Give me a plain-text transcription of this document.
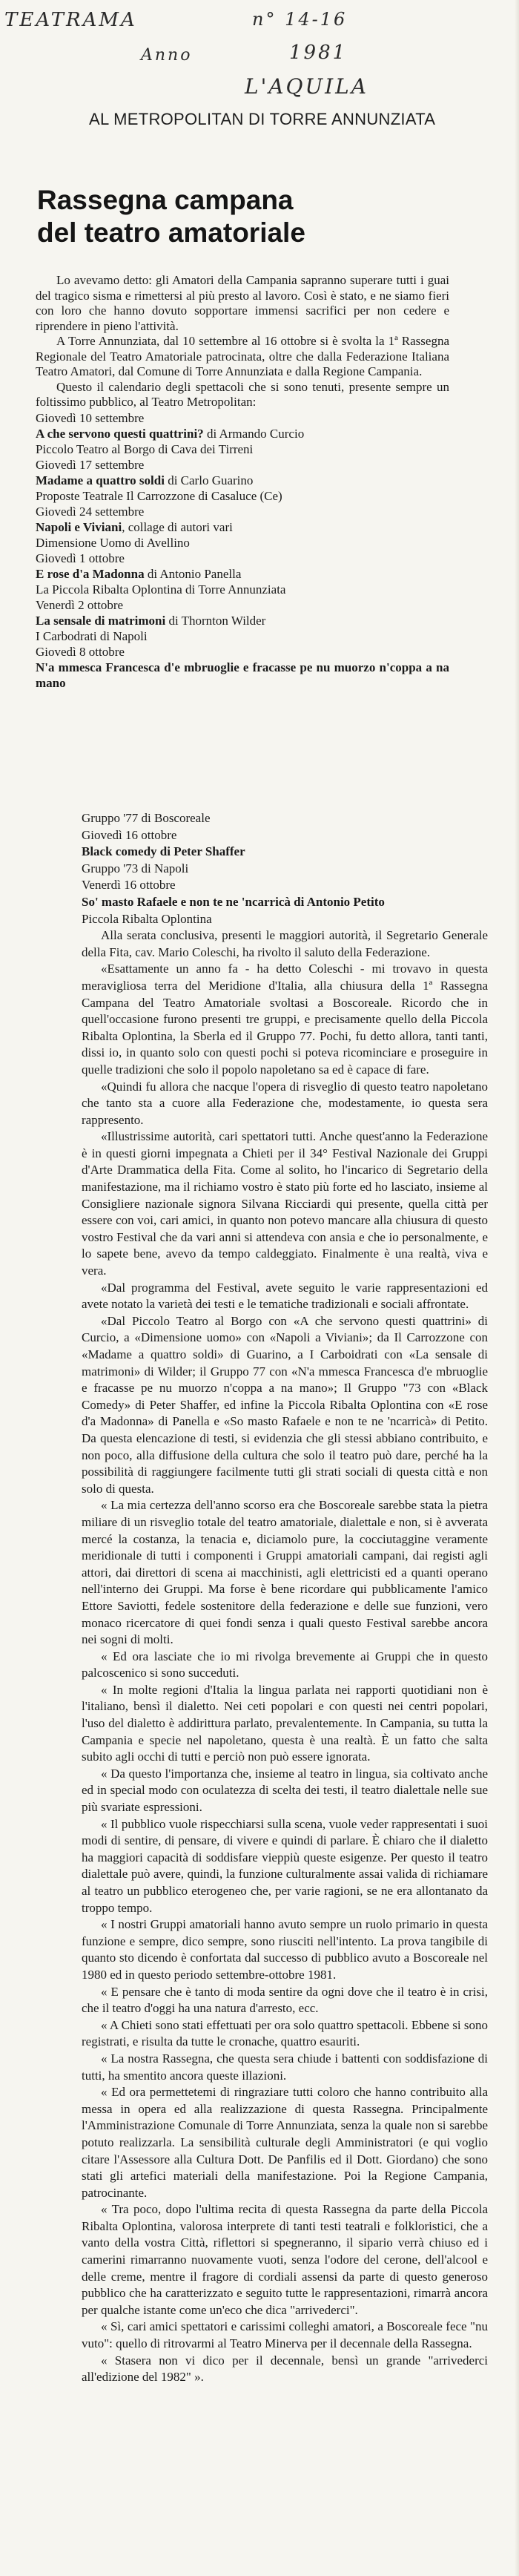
TEATRAMA	n° 14-16
Anno	1981
L'AQUILA
AL METROPOLITAN DI TORRE ANNUNZIATA
Rassegna campana
del teatro amatoriale

Lo avevamo detto: gli Amatori della Campania sapranno superare tutti i guai del tragico sisma e rimettersi al più presto al lavoro. Così è stato, e ne siamo fieri con loro che hanno dovuto sopportare immensi sacrifici per non cedere e riprendere in pieno l'attività.

A Torre Annunziata, dal 10 settembre al 16 ottobre si è svolta la 1ª Rassegna Regionale del Teatro Amatoriale patrocinata, oltre che dalla Federazione Italiana Teatro Amatori, dal Comune di Torre Annunziata e dalla Regione Campania.

Questo il calendario degli spettacoli che si sono tenuti, presente sempre un foltissimo pubblico, al Teatro Metropolitan:

Giovedì 10 settembre
A che servono questi quattrini? di Armando Curcio
Piccolo Teatro al Borgo di Cava dei Tirreni
Giovedì 17 settembre
Madame a quattro soldi di Carlo Guarino
Proposte Teatrale Il Carrozzone di Casaluce (Ce)
Giovedì 24 settembre
Napoli e Viviani, collage di autori vari
Dimensione Uomo di Avellino
Giovedì 1 ottobre
E rose d'a Madonna di Antonio Panella
La Piccola Ribalta Oplontina di Torre Annunziata
Venerdì 2 ottobre
La sensale di matrimoni di Thornton Wilder
I Carbodrati di Napoli
Giovedì 8 ottobre
N'a mmesca Francesca d'e mbruoglie e fracasse pe nu muorzo n'coppa a na mano
Gruppo '77 di Boscoreale
Giovedì 16 ottobre
Black comedy di Peter Shaffer
Gruppo '73 di Napoli
Venerdì 16 ottobre
So' masto Rafaele e non te ne 'ncarricà di Antonio Petito
Piccola Ribalta Oplontina

Alla serata conclusiva, presenti le maggiori autorità, il Segretario Generale della Fita, cav. Mario Coleschi, ha rivolto il saluto della Federazione.

«Esattamente un anno fa - ha detto Coleschi - mi trovavo in questa meravigliosa terra del Meridione d'Italia, alla chiusura della 1ª Rassegna Campana del Teatro Amatoriale svoltasi a Boscoreale. Ricordo che in quell'occasione furono presenti tre gruppi, e precisamente quello della Piccola Ribalta Oplontina, la Sberla ed il Gruppo 77. Pochi, fu detto allora, tanti tanti, dissi io, in quanto solo con questi pochi si poteva ricominciare e proseguire in quelle tradizioni che solo il popolo napoletano sa ed è capace di fare.

«Quindi fu allora che nacque l'opera di risveglio di questo teatro napoletano che tanto sta a cuore alla Federazione che, modestamente, io questa sera rappresento.

«Illustrissime autorità, cari spettatori tutti. Anche quest'anno la Federazione è in questi giorni impegnata a Chieti per il 34° Festival Nazionale dei Gruppi d'Arte Drammatica della Fita. Come al solito, ho l'incarico di Segretario della manifestazione, ma il richiamo vostro è stato più forte ed ho lasciato, insieme al Consigliere nazionale signora Silvana Ricciardi qui presente, quella città per essere con voi, cari amici, in quanto non potevo mancare alla chiusura di questo vostro Festival che da vari anni si attendeva con ansia e che io personalmente, e lo sapete bene, avevo da tempo caldeggiato. Finalmente è una realtà, viva e vera.

«Dal programma del Festival, avete seguito le varie rappresentazioni ed avete notato la varietà dei testi e le tematiche tradizionali e sociali affrontate.

«Dal Piccolo Teatro al Borgo con «A che servono questi quattrini» di Curcio, a «Dimensione uomo» con «Napoli a Viviani»; da Il Carrozzone con «Madame a quattro soldi» di Guarino, a I Carboidrati con «La sensale di matrimoni» di Wilder; il Gruppo 77 con «N'a mmesca Francesca d'e mbruoglie e fracasse pe nu muorzo n'coppa a na mano»; Il Gruppo "73 con «Black Comedy» di Peter Shaffer, ed infine la Piccola Ribalta Oplontina con «E rose d'a Madonna» di Panella e «So masto Rafaele e non te ne 'ncarricà» di Petito. Da questa elencazione di testi, si evidenzia che gli stessi abbiano contribuito, e non poco, alla diffusione della cultura che solo il teatro può dare, perché ha la possibilità di raggiungere facilmente tutti gli strati sociali di questa città e non solo di questa.

« La mia certezza dell'anno scorso era che Boscoreale sarebbe stata la pietra miliare di un risveglio totale del teatro amatoriale, dialettale e non, si è avverata mercé la costanza, la tenacia e, diciamolo pure, la cocciutaggine veramente meridionale di tutti i componenti i Gruppi amatoriali campani, dai registi agli attori, dai direttori di scena ai macchinisti, agli elettricisti ed a quanti operano nell'interno dei Gruppi. Ma forse è bene ricordare qui pubblicamente l'amico Ettore Saviotti, fedele sostenitore della federazione e delle sue funzioni, vero monaco ricercatore di quei fondi senza i quali questo Festival sarebbe ancora nei sogni di molti.

« Ed ora lasciate che io mi rivolga brevemente ai Gruppi che in questo palcoscenico si sono succeduti.

« In molte regioni d'Italia la lingua parlata nei rapporti quotidiani non è l'italiano, bensì il dialetto. Nei ceti popolari e con questi nei centri popolari, l'uso del dialetto è addirittura parlato, prevalentemente. In Campania, su tutta la Campania e specie nel napoletano, questa è una realtà. È un fatto che salta subito agli occhi di tutti e perciò non può essere ignorata.

« Da questo l'importanza che, insieme al teatro in lingua, sia coltivato anche ed in special modo con oculatezza di scelta dei testi, il teatro dialettale nelle sue più svariate espressioni.

« Il pubblico vuole rispecchiarsi sulla scena, vuole veder rappresentati i suoi modi di sentire, di pensare, di vivere e quindi di parlare. È chiaro che il dialetto ha maggiori capacità di soddisfare vieppiù queste esigenze. Per questo il teatro dialettale può avere, quindi, la funzione culturalmente assai valida di richiamare al teatro un pubblico eterogeneo che, per varie ragioni, se ne era allontanato da troppo tempo.

« I nostri Gruppi amatoriali hanno avuto sempre un ruolo primario in questa funzione e sempre, dico sempre, sono riusciti nell'intento. La prova tangibile di quanto sto dicendo è confortata dal successo di pubblico avuto a Boscoreale nel 1980 ed in questo periodo settembre-ottobre 1981.

« E pensare che è tanto di moda sentire da ogni dove che il teatro è in crisi, che il teatro d'oggi ha una natura d'arresto, ecc.

« A Chieti sono stati effettuati per ora solo quattro spettacoli. Ebbene si sono registrati, e risulta da tutte le cronache, quattro esauriti.

« La nostra Rassegna, che questa sera chiude i battenti con soddisfazione di tutti, ha smentito ancora queste illazioni.

« Ed ora permettetemi di ringraziare tutti coloro che hanno contribuito alla messa in opera ed alla realizzazione di questa Rassegna. Principalmente l'Amministrazione Comunale di Torre Annunziata, senza la quale non si sarebbe potuto realizzarla. La sensibilità culturale degli Amministratori (e qui voglio citare l'Assessore alla Cultura Dott. De Panfilis ed il Dott. Giordano) che sono stati gli artefici materiali della manifestazione. Poi la Regione Campania, patrocinante.

« Tra poco, dopo l'ultima recita di questa Rassegna da parte della Piccola Ribalta Oplontina, valorosa interprete di tanti testi teatrali e folkloristici, che a vanto della vostra Città, riflettori si spegneranno, il sipario verrà chiuso ed i camerini rimarranno nuovamente vuoti, senza l'odore del cerone, dell'alcool e delle creme, mentre il fragore di cordiali assensi da parte di questo generoso pubblico che ha caratterizzato e seguito tutte le rappresentazioni, rimarrà ancora per qualche istante come un'eco che dica "arrivederci".

« Sì, cari amici spettatori e carissimi colleghi amatori, a Boscoreale fece "nu vuto": quello di ritrovarmi al Teatro Minerva per il decennale della Rassegna.

« Stasera non vi dico per il decennale, bensì un grande "arrivederci all'edizione del 1982" ».
